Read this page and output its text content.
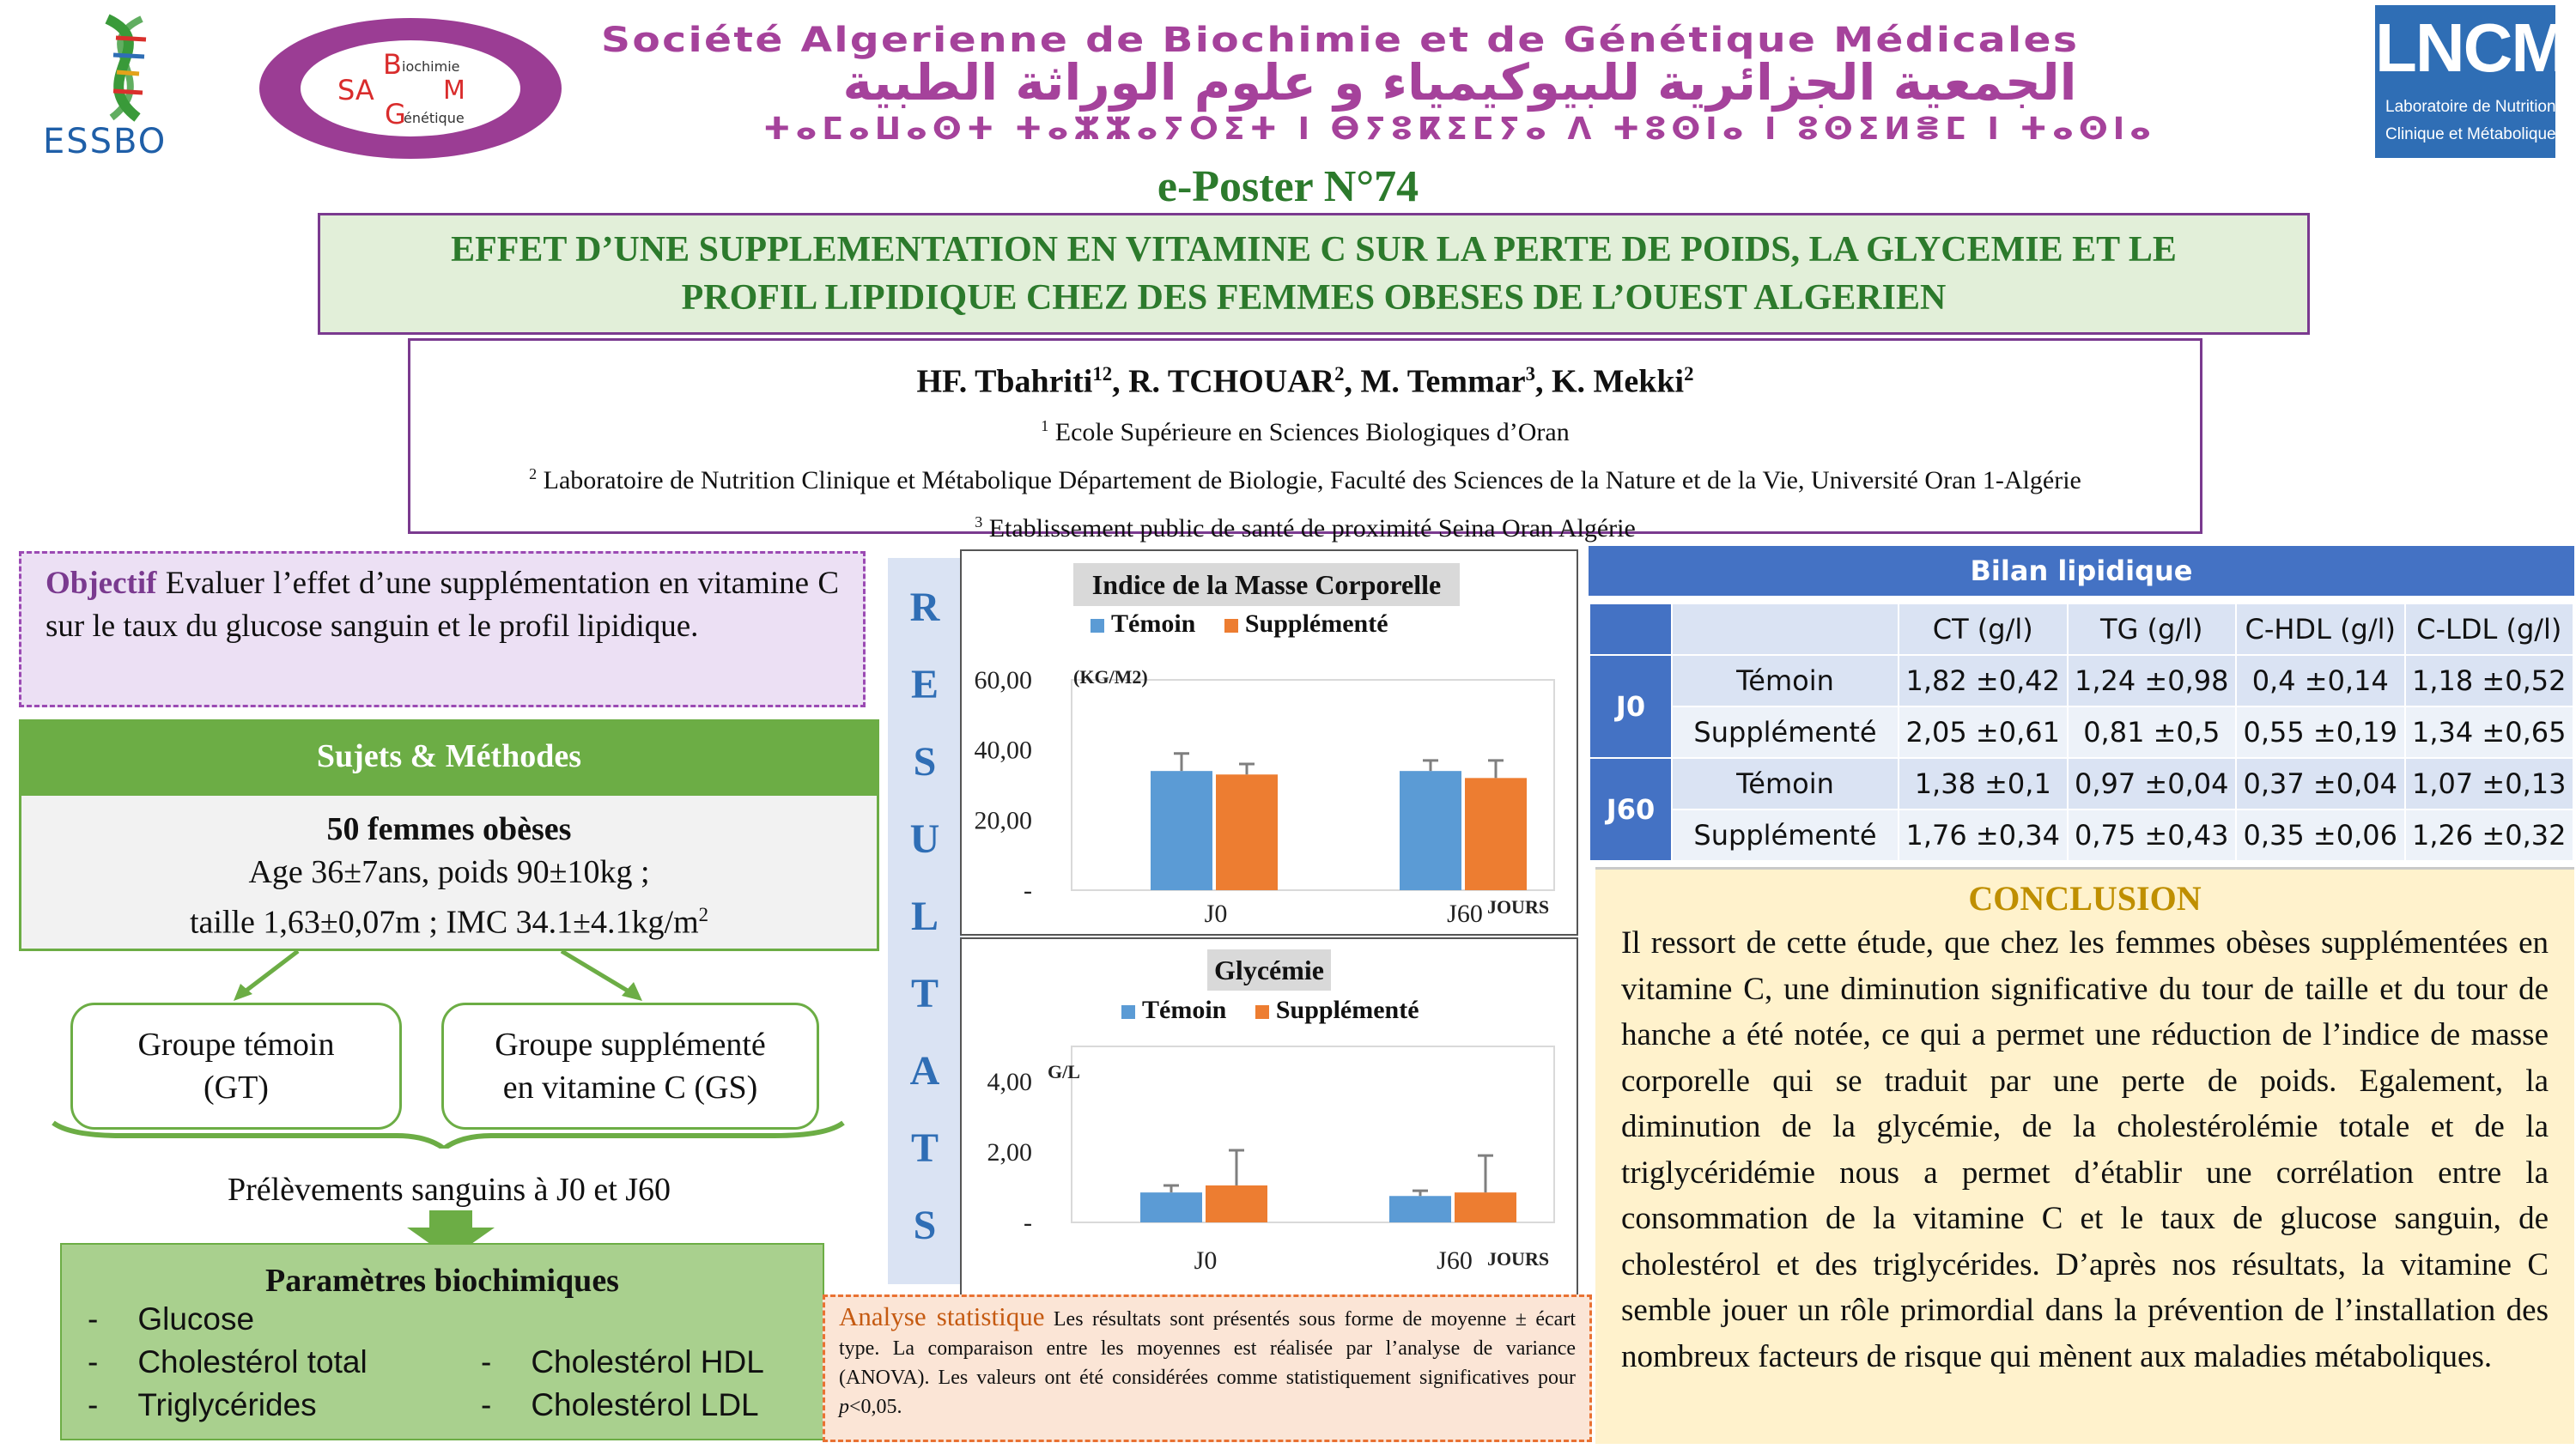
ESSBO
B iochimie
SA	M
G
énétique
Société Algerienne de Biochimie et de Génétique Médicales
الجمعية الجزائرية للبيوكيمياء و علوم الوراثة الطبية
ⵜⴰⵎⴰⵡⴰⵙⵜ ⵜⴰⵣⵣⴰⵢⵔⵉⵜ ⵏ ⴱⵢⵓⴽⵉⵎⵢⴰ ⴷ ⵜⵓⵙⵏⴰ ⵏ ⵓⵙⵉⵍⴻⵎ ⵏ ⵜⴰⵙⵏⴰ
LNCM
Laboratoire de Nutrition
Clinique et Métabolique
e-Poster N°74
EFFET D’UNE SUPPLEMENTATION EN VITAMINE C SUR LA PERTE DE POIDS, LA GLYCEMIE ET LE
PROFIL LIPIDIQUE CHEZ DES FEMMES OBESES DE L’OUEST ALGERIEN
HF. Tbahriti$^{12}$, R. TCHOUAR$^2$, M. Temmar$^3$, K. Mekki$^2$
$^1$ Ecole Supérieure en Sciences Biologiques d’Oran
$^2$ Laboratoire de Nutrition Clinique et Métabolique Département de Biologie, Faculté des Sciences de la Nature et de la Vie, Université Oran 1-Algérie
$^3$ Etablissement public de santé de proximité Seina Oran Algérie
Objectif Evaluer l’effet d’une supplémentation en vitamine C sur le taux du glucose sanguin et le profil lipidique.
Sujets & Méthodes
50 femmes obèses
Age 36±7ans, poids 90±10kg ;
taille 1,63±0,07m ; IMC $34.1\pm 4.1kg/m^2$
Groupe témoin
(GT)
Groupe supplémenté
en vitamine C (GS)
Prélèvements sanguins à J0 et J60
Paramètres biochimiques
- Glucose
- Cholestérol total
- Triglycérides
- Cholestérol HDL
- Cholestérol LDL
R
E
S
U
L
T
A
T
S
Indice de la Masse Corporelle
Témoin Supplémenté
-
20,00
40,00
60,00 (KG/M2)
JOURS
J0	J60
Glycémie
Témoin Supplémenté
-
2,00
4,00 G/L
JOURS
J0	J60
Analyse statistique Les résultats sont présentés sous forme de moyenne ± écart type. La comparaison entre les moyennes est réalisée par l’analyse de variance (ANOVA). Les valeurs ont été considérées comme statistiquement significatives pour p<0,05.
Bilan lipidique
		CT (g/l)	TG (g/l)	C-HDL (g/l)	C-LDL (g/l)
J0	Témoin	1,82 ±0,42	1,24 ±0,98	0,4 ±0,14	1,18 ±0,52
	Supplémenté	2,05 ±0,61	0,81 ±0,5	0,55 ±0,19	1,34 ±0,65
J60	Témoin	1,38 ±0,1	0,97 ±0,04	0,37 ±0,04	1,07 ±0,13
	Supplémenté	1,76 ±0,34	0,75 ±0,43	0,35 ±0,06	1,26 ±0,32
CONCLUSION
Il ressort de cette étude, que chez les femmes obèses supplémentées en vitamine C, une diminution significative du tour de taille et du tour de hanche a été notée, ce qui a permet une réduction de l’indice de masse corporelle qui se traduit par une perte de poids. Egalement, la diminution de la glycémie, de la cholestérolémie totale et de la triglycéridémie nous a permet d’établir une corrélation entre la consommation de la vitamine C et le taux de glucose sanguin, de cholestérol et des triglycérides. D’après nos résultats, la vitamine C semble jouer un rôle primordial dans la prévention de l’installation des nombreux facteurs de risque qui mènent aux maladies métaboliques.
